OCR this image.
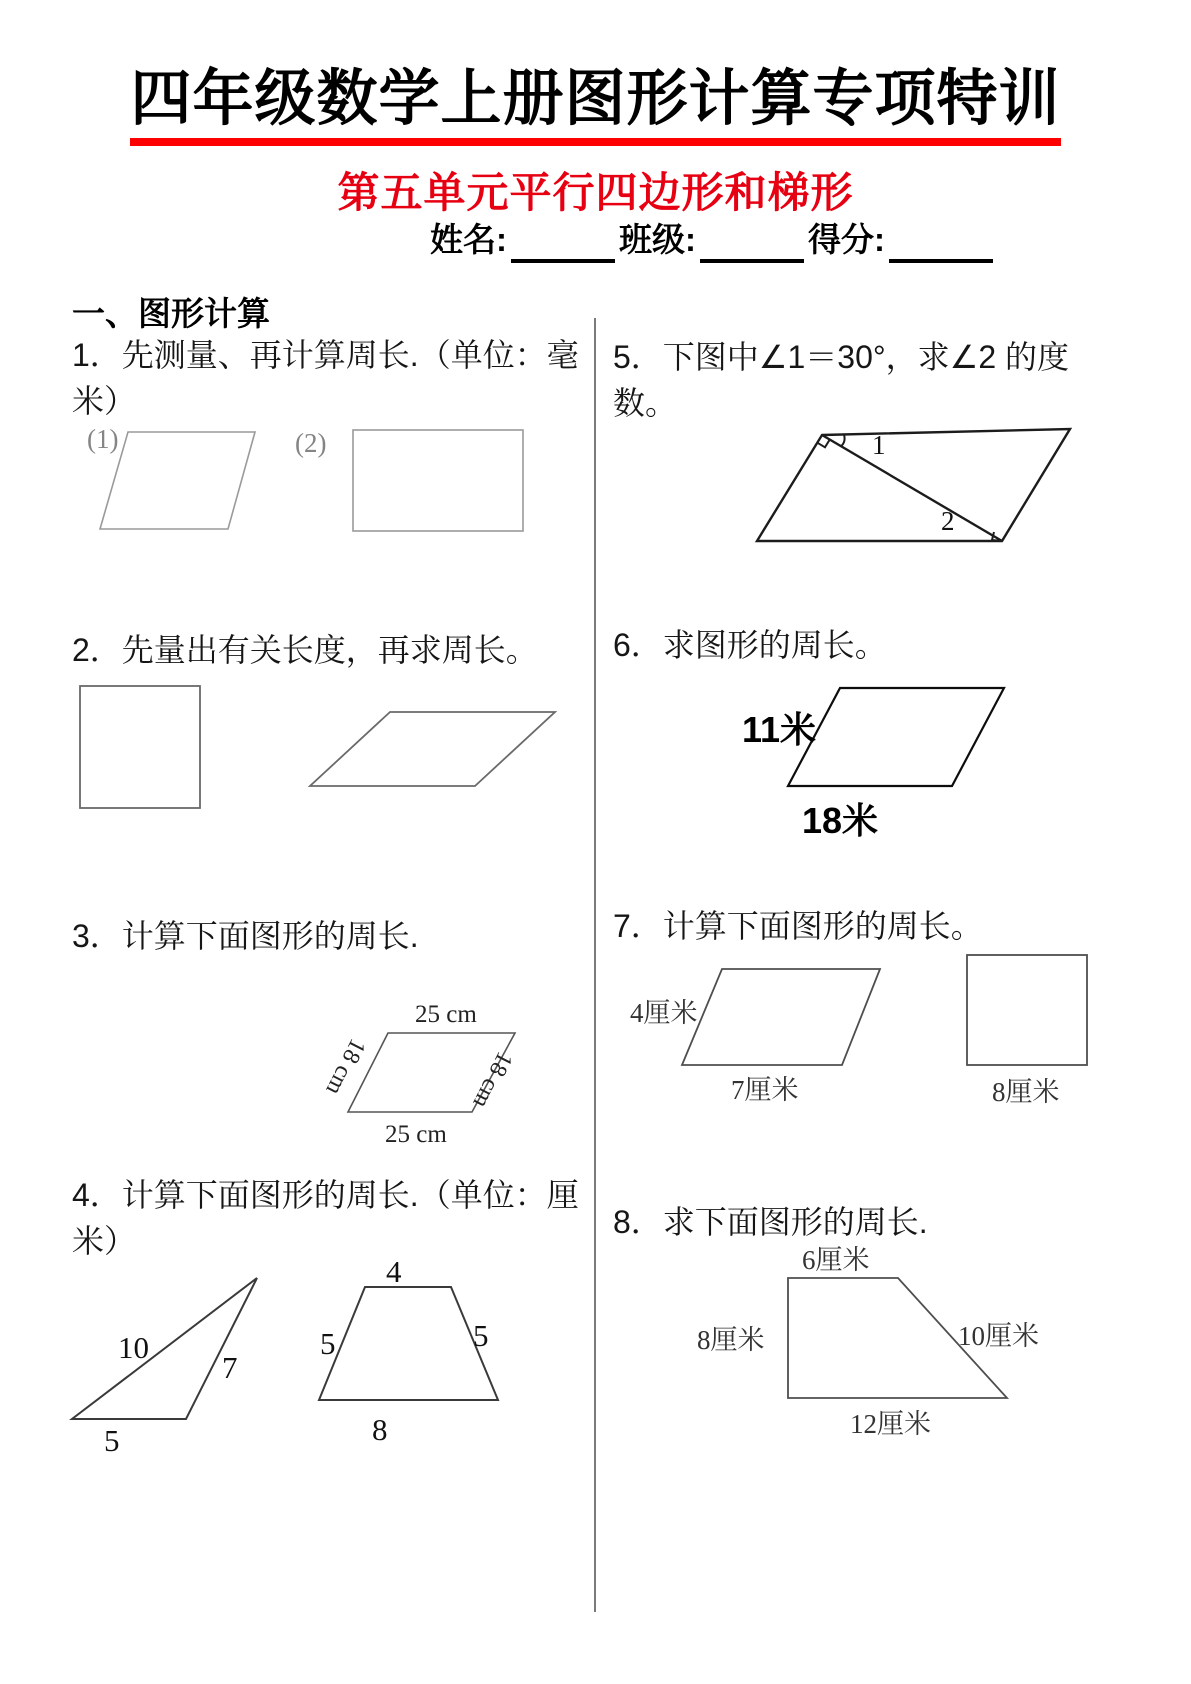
四年级数学上册图形计算专项特训
第五单元平行四边形和梯形
姓名:	班级:	得分:
一、图形计算
1．先测量、再计算周长.（单位：毫米）
(1)	(2)
2．先量出有关长度，再求周长。
3．计算下面图形的周长.
25 cm
18 cm	18 cm
25 cm
4．计算下面图形的周长.（单位：厘米）
10
7
5
4
5	5
8
5．下图中∠1＝30°，求∠2 的度数。
1
2
6．求图形的周长。
11米
18米
7．计算下面图形的周长。
4厘米
7厘米	8厘米
8．求下面图形的周长.
6厘米
8厘米	10厘米
12厘米
